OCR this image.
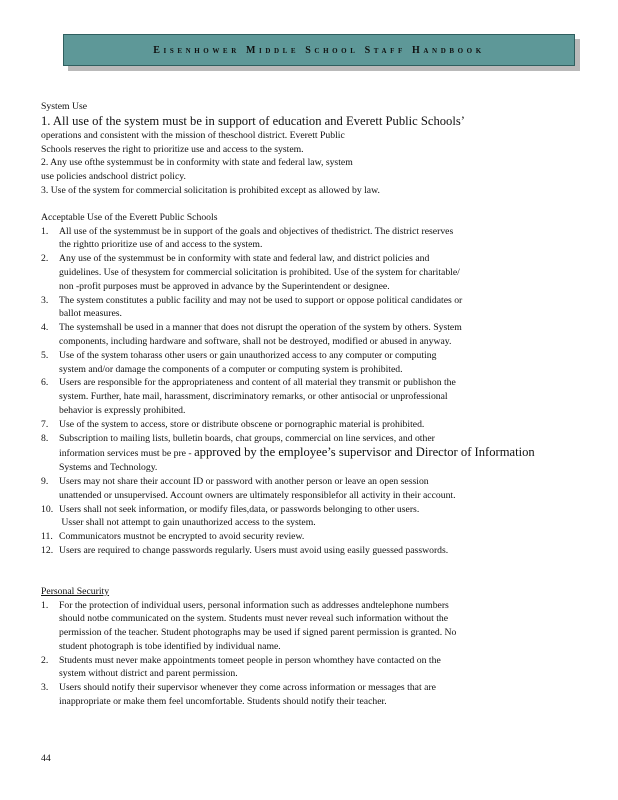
Eisenhower Middle School Staff Handbook
System Use
1. All use of the system must be in support of education and Everett Public Schools’
operations and consistent with the mission of theschool district. Everett Public
Schools reserves the right to prioritize use and access to the system.
2. Any use ofthe systemmust be in conformity with state and federal law, system
use policies andschool district policy.
3. Use of the system for commercial solicitation is prohibited except as allowed by law.
Acceptable Use of the Everett Public Schools
1.	All use of the systemmust be in support of the goals and objectives of thedistrict. The district reserves
the rightto prioritize use of and access to the system.
2.	Any use of the systemmust be in conformity with state and federal law, and district policies and
guidelines. Use of thesystem for commercial solicitation is prohibited. Use of the system for charitable/
non -profit purposes must be approved in advance by the Superintendent or designee.
3.	The system constitutes a public facility and may not be used to support or oppose political candidates or
ballot measures.
4.	The systemshall be used in a manner that does not disrupt the operation of the system by others. System
components, including hardware and software, shall not be destroyed, modified or abused in anyway.
5.	Use of the system toharass other users or gain unauthorized access to any computer or computing
system and/or damage the components of a computer or computing system is prohibited.
6.	Users are responsible for the appropriateness and content of all material they transmit or publishon the
system. Further, hate mail, harassment, discriminatory remarks, or other antisocial or unprofessional
behavior is expressly prohibited.
7.	Use of the system to access, store or distribute obscene or pornographic material is prohibited.
8.	Subscription to mailing lists, bulletin boards, chat groups, commercial on line services, and other
information services must be pre - approved by the employee’s supervisor and Director of Information
Systems and Technology.
9.	Users may not share their account ID or password with another person or leave an open session
unattended or unsupervised. Account owners are ultimately responsiblefor all activity in their account.
10. Users shall not seek information, or modify files,data, or passwords belonging to other users.
Usser shall not attempt to gain unauthorized access to the system.
11. Communicators mustnot be encrypted to avoid security review.
12. Users are required to change passwords regularly. Users must avoid using easily guessed passwords.
Personal Security
1.	For the protection of individual users, personal information such as addresses andtelephone numbers
should notbe communicated on the system. Students must never reveal such information without the
permission of the teacher. Student photographs may be used if signed parent permission is granted. No
student photograph is tobe identified by individual name.
2.	Students must never make appointments tomeet people in person whomthey have contacted on the
system without district and parent permission.
3.	Users should notify their supervisor whenever they come across information or messages that are
inappropriate or make them feel uncomfortable. Students should notify their teacher.
44
